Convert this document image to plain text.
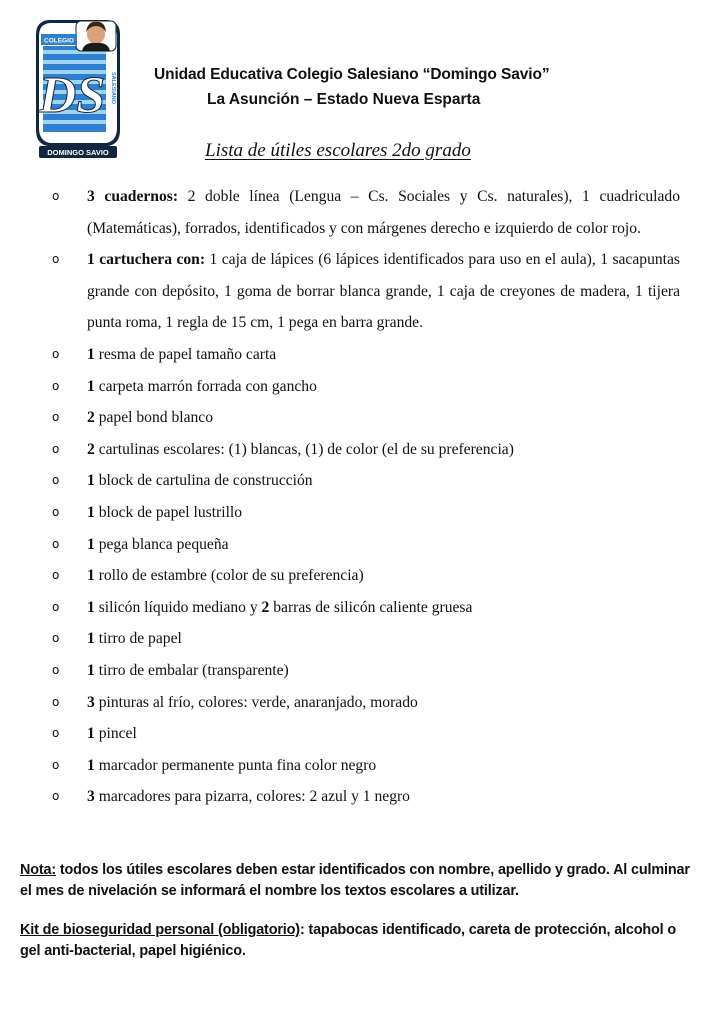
COLEGIO
SALESIANO
DS
DOMINGO SAVIO
Unidad Educativa Colegio Salesiano “Domingo Savio”
La Asunción – Estado Nueva Esparta
Lista de útiles escolares 2do grado
o 3 cuadernos: 2 doble línea (Lengua – Cs. Sociales y Cs. naturales), 1 cuadriculado (Matemáticas), forrados, identificados y con márgenes derecho e izquierdo de color rojo.
o 1 cartuchera con: 1 caja de lápices (6 lápices identificados para uso en el aula), 1 sacapuntas grande con depósito, 1 goma de borrar blanca grande, 1 caja de creyones de madera, 1 tijera punta roma, 1 regla de 15 cm, 1 pega en barra grande.
o 1 resma de papel tamaño carta
o 1 carpeta marrón forrada con gancho
o 2 papel bond blanco
o 2 cartulinas escolares: (1) blancas, (1) de color (el de su preferencia)
o 1 block de cartulina de construcción
o 1 block de papel lustrillo
o 1 pega blanca pequeña
o 1 rollo de estambre (color de su preferencia)
o 1 silicón líquido mediano y 2 barras de silicón caliente gruesa
o 1 tirro de papel
o 1 tirro de embalar (transparente)
o 3 pinturas al frío, colores: verde, anaranjado, morado
o 1 pincel
o 1 marcador permanente punta fina color negro
o 3 marcadores para pizarra, colores: 2 azul y 1 negro
Nota: todos los útiles escolares deben estar identificados con nombre, apellido y grado. Al culminar el mes de nivelación se informará el nombre los textos escolares a utilizar.
Kit de bioseguridad personal (obligatorio): tapabocas identificado, careta de protección, alcohol o gel anti-bacterial, papel higiénico.
